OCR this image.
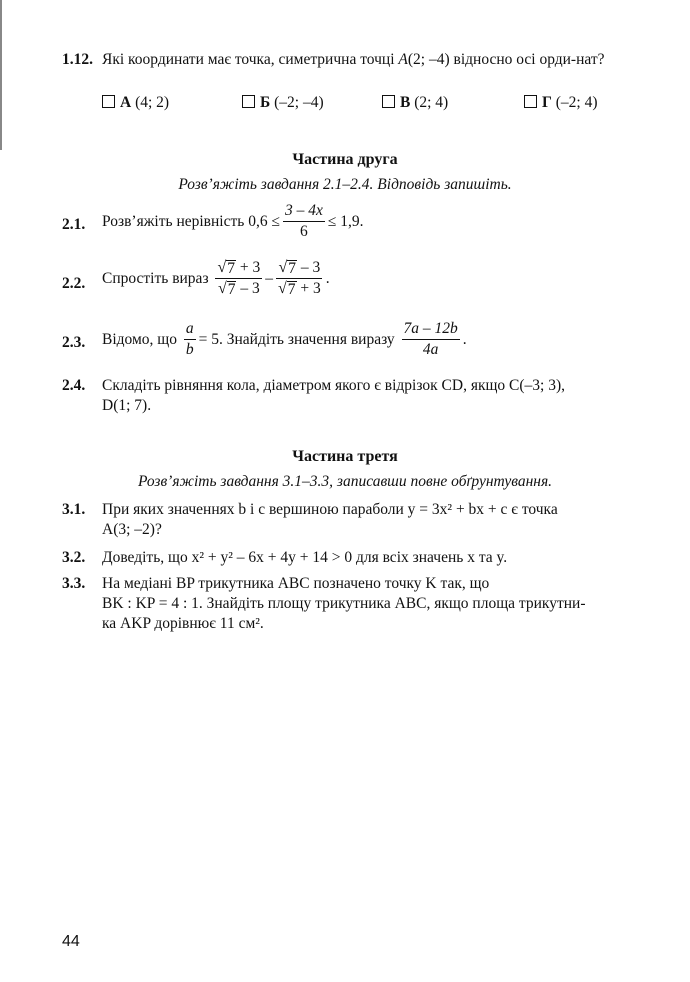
1.12. Які координати має точка, симетрична точці A(2; –4) відносно осі орди-нат?
А (4; 2)	Б (–2; –4)	В (2; 4)	Г (–2; 4)
Частина друга
Розв’яжіть завдання 2.1–2.4. Відповідь запишіть.
2.1. Розв’яжіть нерівність
$0,6 \le \frac{3 - 4x}{6} \le 1,9$.
2.2. Спростіть вираз
$\frac{√ 7 + 3}{√ 7 - 3} - \frac{√ 7 - 3}{√ 7 + 3}$ .
2.3. Відомо, що
$\frac{a}{b} = 5$.
Знайдіть значення виразу
$\frac{7a - 12b}{4a}$ .
2.4. Складіть рівняння кола, діаметром якого є відрізок CD, якщо C(–3; 3),
D(1; 7).
Частина третя
Розв’яжіть завдання 3.1–3.3, записавши повне обґрунтування.
3.1. При яких значеннях b і c вершиною параболи y = 3x² + bx + c є точка
A(3; –2)?
3.2. Доведіть, що x² + y² – 6x + 4y + 14 > 0 для всіх значень x та y.
3.3. На медіані BP трикутника ABC позначено точку K так, що
BK : KP = 4 : 1. Знайдіть площу трикутника ABC, якщо площа трикутни-
ка AKP дорівнює 11 см².
44
